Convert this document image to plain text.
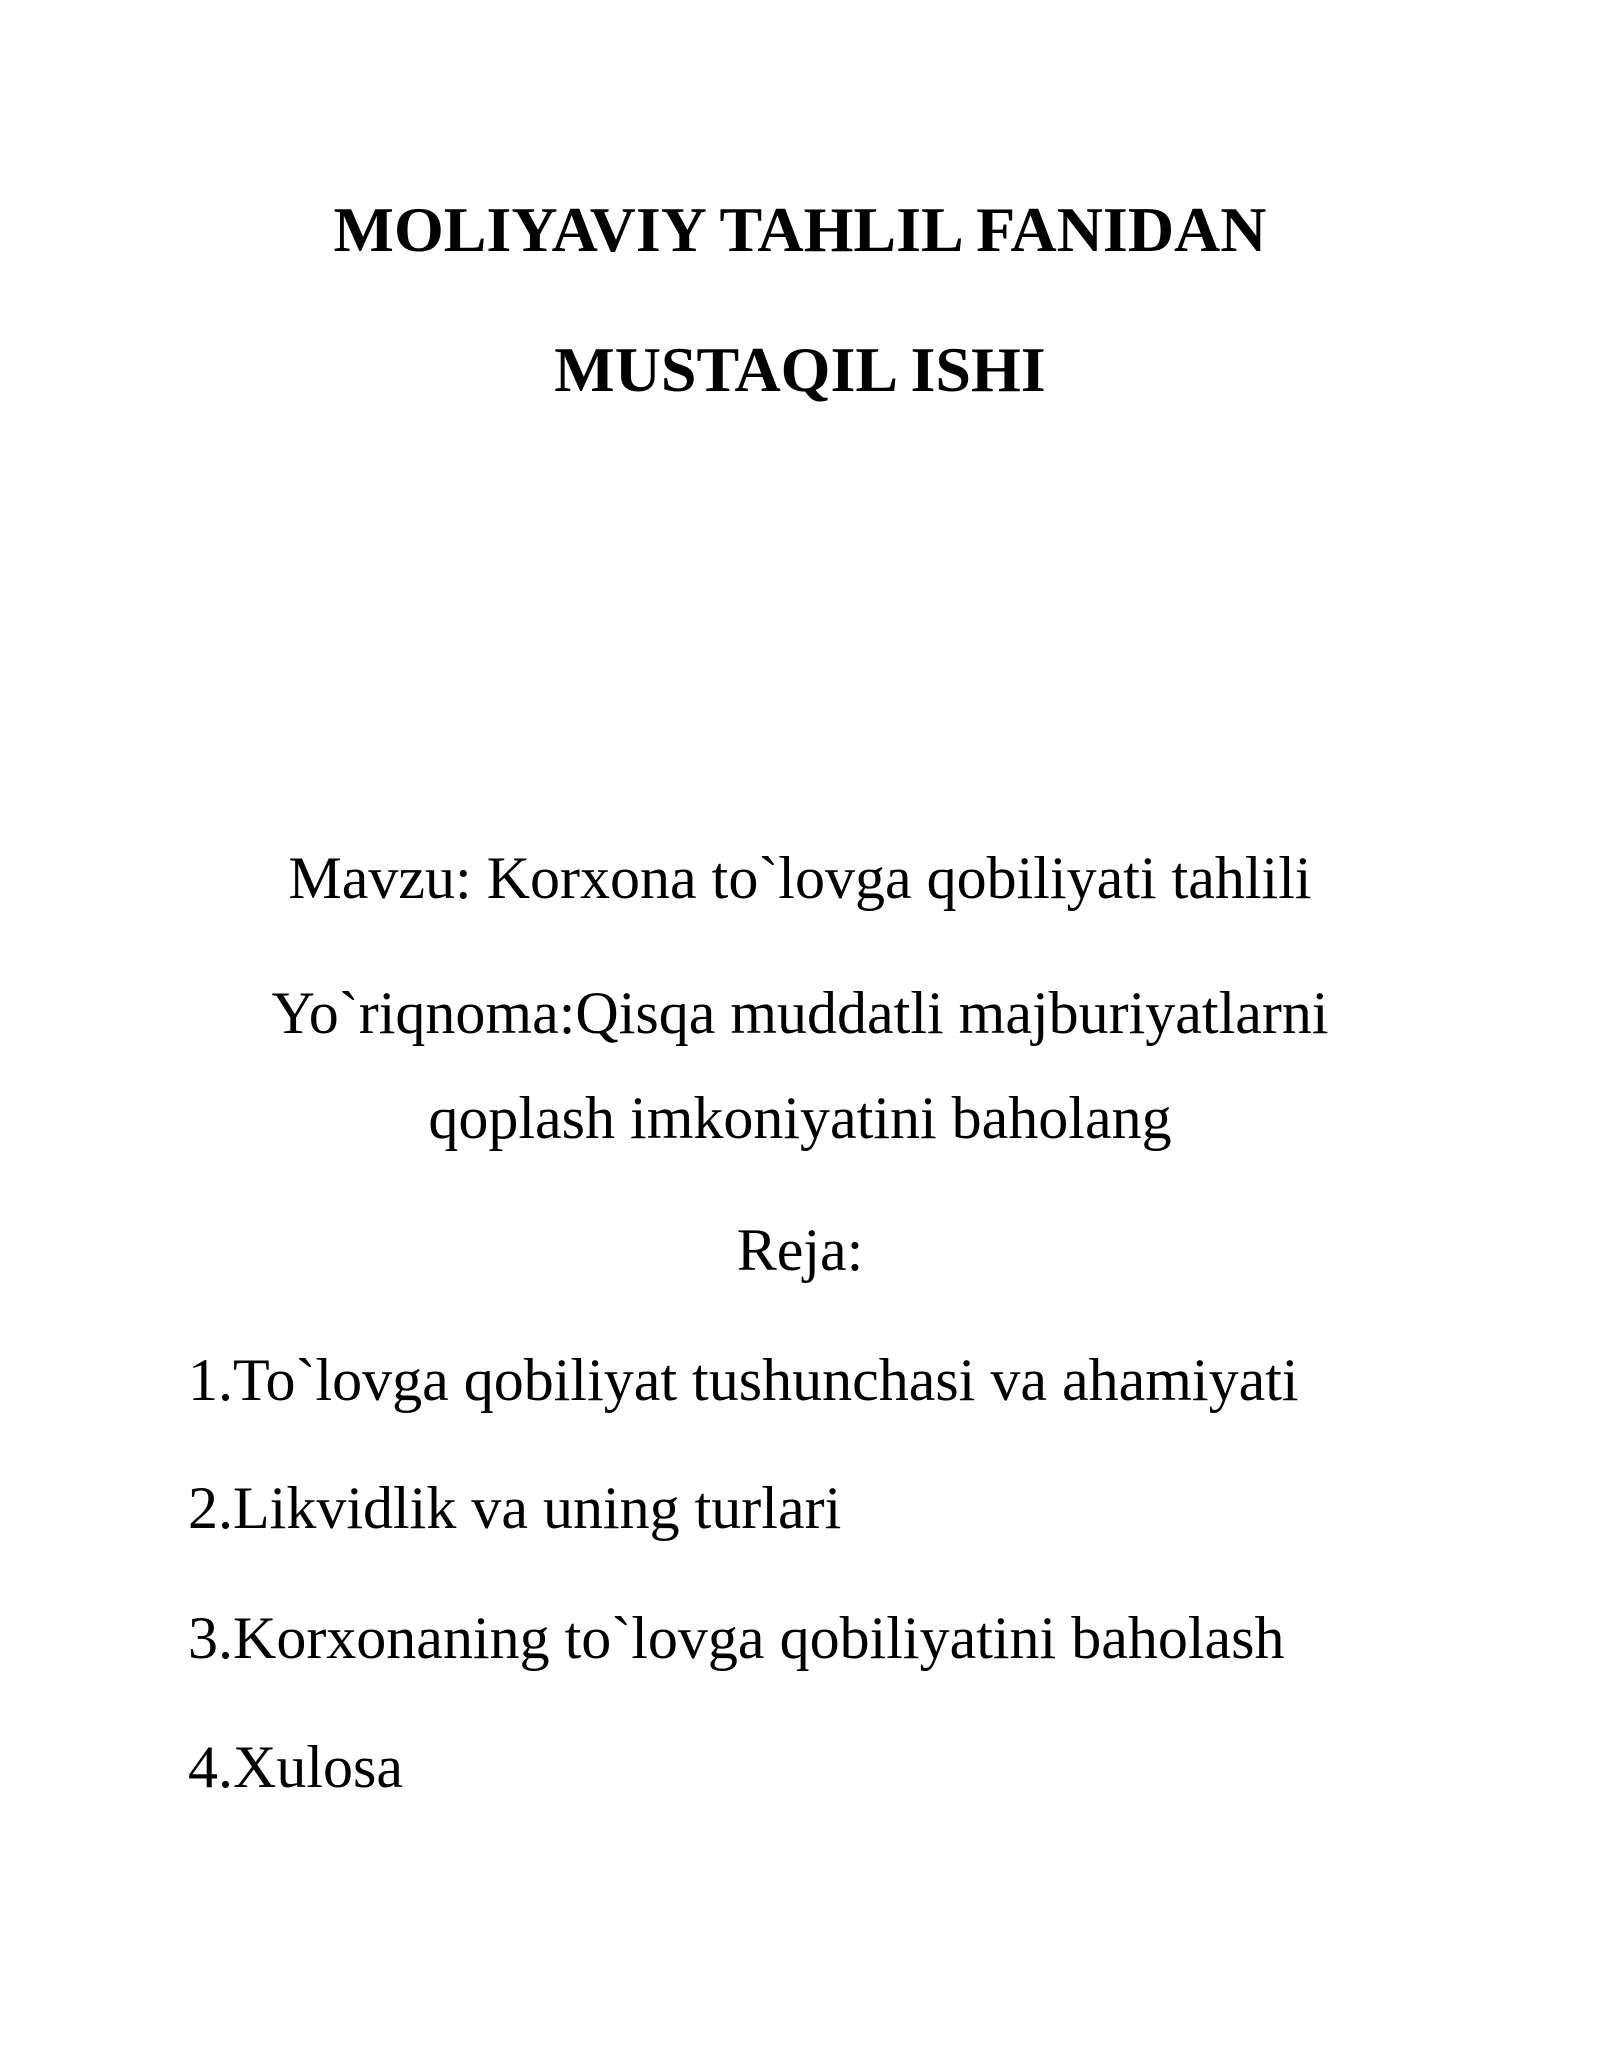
MOLIYAVIY TAHLIL FANIDAN
MUSTAQIL ISHI
Mavzu: Korxona to`lovga qobiliyati tahlili
Yo`riqnoma:Qisqa muddatli majburiyatlarni
qoplash imkoniyatini baholang
Reja:
1.To`lovga qobiliyat tushunchasi va ahamiyati
2.Likvidlik va uning turlari
3.Korxonaning to`lovga qobiliyatini baholash
4.Xulosa
